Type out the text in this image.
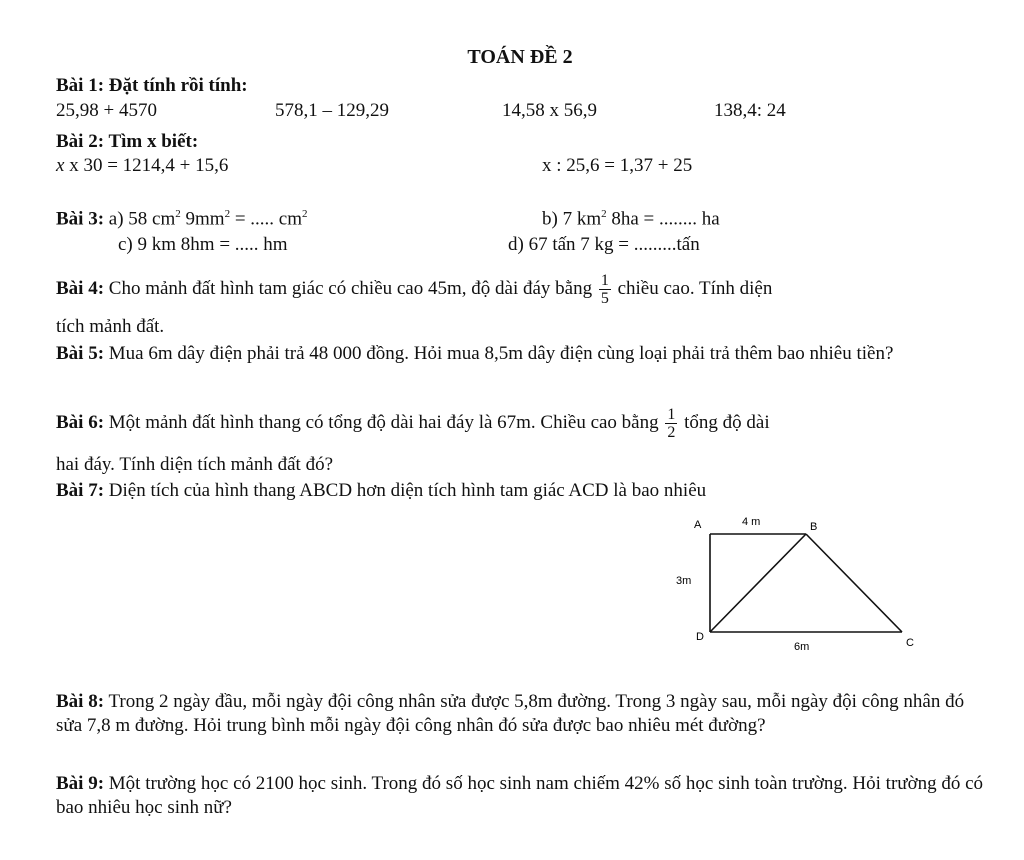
TOÁN ĐỀ 2
Bài 1: Đặt tính rồi tính:
25,98 + 4570	578,1 – 129,29	14,58 x 56,9	138,4: 24
Bài 2: Tìm x biết:
x x 30 = 1214,4 + 15,6	x : 25,6 = 1,37 + 25
Bài 3: a) 58 $cm^2$ $9mm^2$ = ..... $cm^2$	b) 7 $km^2$ 8ha = ........ ha
c) 9 km 8hm = ..... hm	d) 67 tấn 7 kg = .........tấn
Bài 4: Cho mảnh đất hình tam giác có chiều cao 45m, độ dài đáy bằng $\frac{1}{5}$ chiều cao. Tính diện
tích mảnh đất.
Bài 5: Mua 6m dây điện phải trả 48 000 đồng. Hỏi mua 8,5m dây điện cùng loại phải trả thêm bao nhiêu tiền?
Bài 6: Một mảnh đất hình thang có tổng độ dài hai đáy là 67m. Chiều cao bằng $\frac{1}{2}$ tổng độ dài
hai đáy. Tính diện tích mảnh đất đó?
Bài 7: Diện tích của hình thang ABCD hơn diện tích hình tam giác ACD là bao nhiêu
A	B
C
D
4 m
3m
6m
Bài 8: Trong 2 ngày đầu, mỗi ngày đội công nhân sửa được 5,8m đường. Trong 3 ngày sau, mỗi ngày đội công nhân đó sửa 7,8 m đường. Hỏi trung bình mỗi ngày đội công nhân đó sửa được bao nhiêu mét đường?
Bài 9: Một trường học có 2100 học sinh. Trong đó số học sinh nam chiếm 42% số học sinh toàn trường. Hỏi trường đó có bao nhiêu học sinh nữ?
